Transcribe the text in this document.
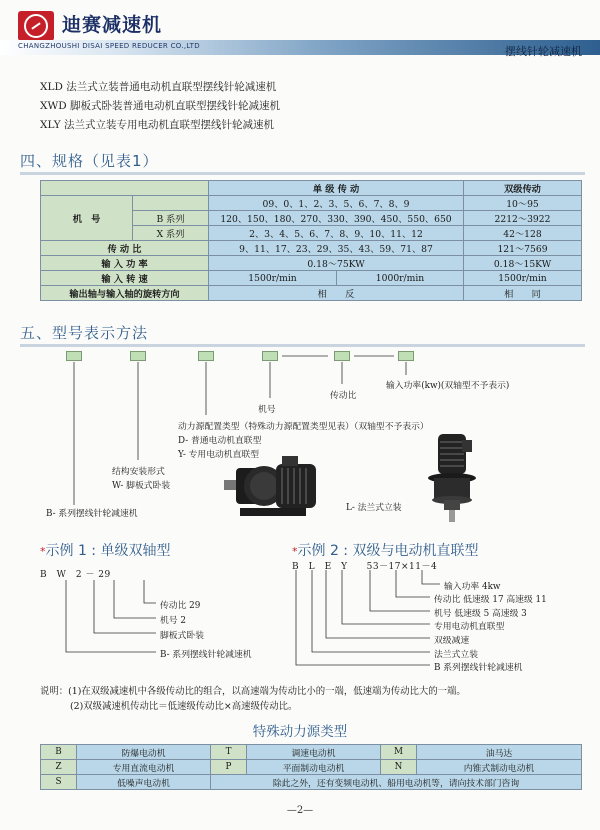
迪赛减速机
CHANGZHOUSHI DISAI SPEED REDUCER CO.,LTD	摆线针轮减速机
XLD 法兰式立装普通电动机直联型摆线针轮减速机
XWD 脚板式卧装普通电动机直联型摆线针轮减速机
XLY 法兰式立装专用电动机直联型摆线针轮减速机
四、规格（见表1）
		单 级 传 动		双级传动
机　号		09、0、1、2、3、5、6、7、8、9		10～95
	B 系列	120、150、180、270、330、390、450、550、650		2212～3922
	X 系列	2、3、4、5、6、7、8、9、10、11、12		42～128
传 动 比		9、11、17、23、29、35、43、59、71、87		121～7569
输 入 功 率		0.18～75KW		0.18～15KW
输 入 转 速		1500r/min	1000r/min	1500r/min
输出轴与输入轴的旋转方向		相　　反		相　　同
五、型号表示方法
输入功率(kw)(双轴型不予表示)
传动比
机号
动力源配置类型（特殊动力源配置类型见表）（双轴型不予表示）
D- 普通电动机直联型
Y- 专用电动机直联型
结构安装形式
W- 脚板式卧装
L- 法兰式立装
B- 系列摆线针轮减速机
*示例 1 : 单级双轴型
B　W　2 － 29
传动比 29
机号 2
脚板式卧装
B- 系列摆线针轮减速机
*示例 2 : 双级与电动机直联型
B　L　E　Y　　53－17×11－4
输入功率 4kw
传动比 低速级 17 高速级 11
机号 低速级 5 高速级 3
专用电动机直联型
双级减速
法兰式立装
B 系列摆线针轮减速机
说明：(1)在双级减速机中各级传动比的组合，以高速端为传动比小的一端，低速端为传动比大的一端。
(2)双级减速机传动比＝低速级传动比×高速级传动比。
特殊动力源类型
B	防爆电动机	T	调速电动机	M	油马达
Z	专用直流电动机	P	平面制动电动机	N	内锥式制动电动机
S	低噪声电动机	除此之外，还有变频电动机、船用电动机等，请向技术部门咨询			
—2—
